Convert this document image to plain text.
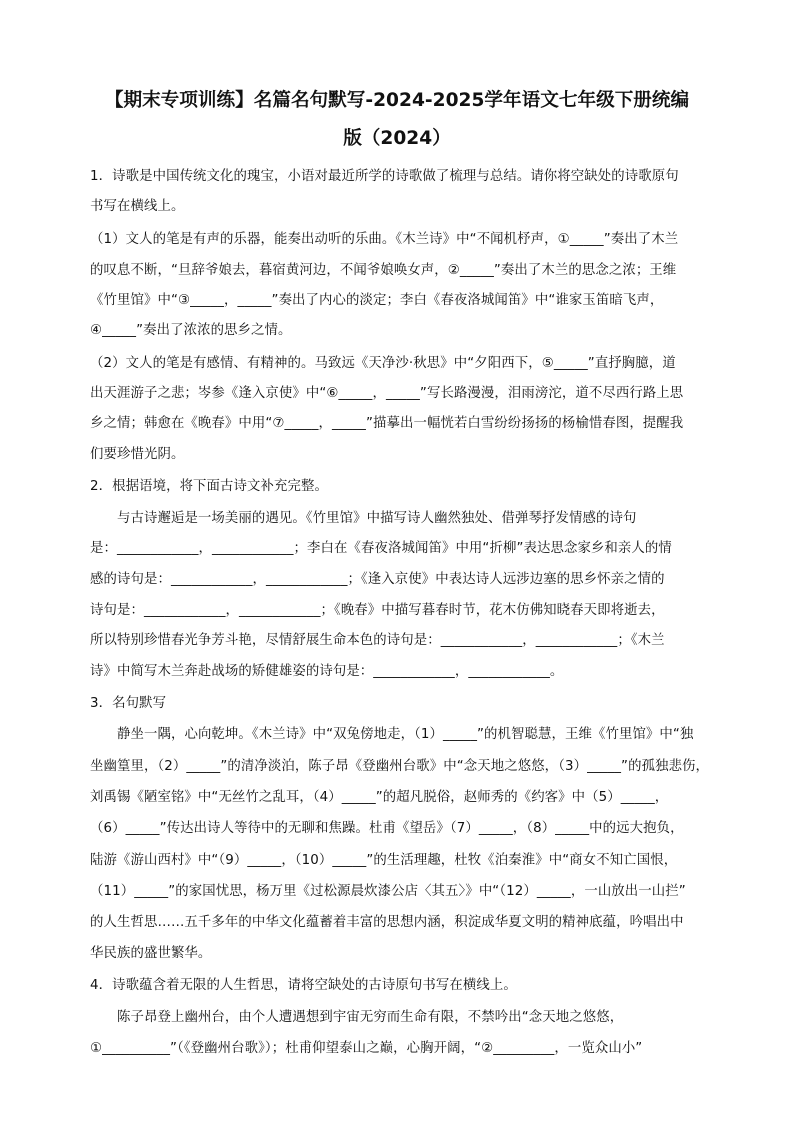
【期末专项训练】名篇名句默写-2024-2025学年语文七年级下册统编
版（2024）
1．诗歌是中国传统文化的瑰宝，小语对最近所学的诗歌做了梳理与总结。请你将空缺处的诗歌原句
书写在横线上。
（1）文人的笔是有声的乐器，能奏出动听的乐曲。《木兰诗》中“不闻机杼声，①_____”奏出了木兰
的叹息不断，“旦辞爷娘去，暮宿黄河边，不闻爷娘唤女声，②_____”奏出了木兰的思念之浓；王维
《竹里馆》中“③_____，_____”奏出了内心的淡定；李白《春夜洛城闻笛》中“谁家玉笛暗飞声，
④_____”奏出了浓浓的思乡之情。
（2）文人的笔是有感情、有精神的。马致远《天净沙·秋思》中“夕阳西下，⑤_____”直抒胸臆，道
出天涯游子之悲；岑参《逢入京使》中“⑥_____，_____”写长路漫漫，泪雨滂沱，道不尽西行路上思
乡之情；韩愈在《晚春》中用“⑦_____，_____”描摹出一幅恍若白雪纷纷扬扬的杨榆惜春图，提醒我
们要珍惜光阴。
2．根据语境，将下面古诗文补充完整。
与古诗邂逅是一场美丽的遇见。《竹里馆》中描写诗人幽然独处、借弹琴抒发情感的诗句
是：____________，____________；李白在《春夜洛城闻笛》中用“折柳”表达思念家乡和亲人的情
感的诗句是：____________，____________；《逢入京使》中表达诗人远涉边塞的思乡怀亲之情的
诗句是：____________，____________；《晚春》中描写暮春时节，花木仿佛知晓春天即将逝去，
所以特别珍惜春光争芳斗艳，尽情舒展生命本色的诗句是：____________，____________；《木兰
诗》中简写木兰奔赴战场的矫健雄姿的诗句是：____________，____________。
3．名句默写
静坐一隅，心向乾坤。《木兰诗》中“双兔傍地走，（1）_____”的机智聪慧，王维《竹里馆》中“独
坐幽篁里，（2）_____”的清净淡泊，陈子昂《登幽州台歌》中“念天地之悠悠，（3）_____”的孤独悲伤，
刘禹锡《陋室铭》中“无丝竹之乱耳，（4）_____”的超凡脱俗，赵师秀的《约客》中（5）_____，
（6）_____”传达出诗人等待中的无聊和焦躁。杜甫《望岳》（7）_____，（8）_____中的远大抱负，
陆游《游山西村》中“（9）_____，（10）_____”的生活理趣，杜牧《泊秦淮》中“商女不知亡国恨，
（11）_____”的家国忧思，杨万里《过松源晨炊漆公店〈其五〉》中“（12）_____，一山放出一山拦”
的人生哲思……五千多年的中华文化蕴蓄着丰富的思想内涵，积淀成华夏文明的精神底蕴，吟唱出中
华民族的盛世繁华。
4．诗歌蕴含着无限的人生哲思，请将空缺处的古诗原句书写在横线上。
陈子昂登上幽州台，由个人遭遇想到宇宙无穷而生命有限，不禁吟出“念天地之悠悠，
①__________”（《登幽州台歌》）；杜甫仰望泰山之巅，心胸开阔，“②_________，一览众山小”
